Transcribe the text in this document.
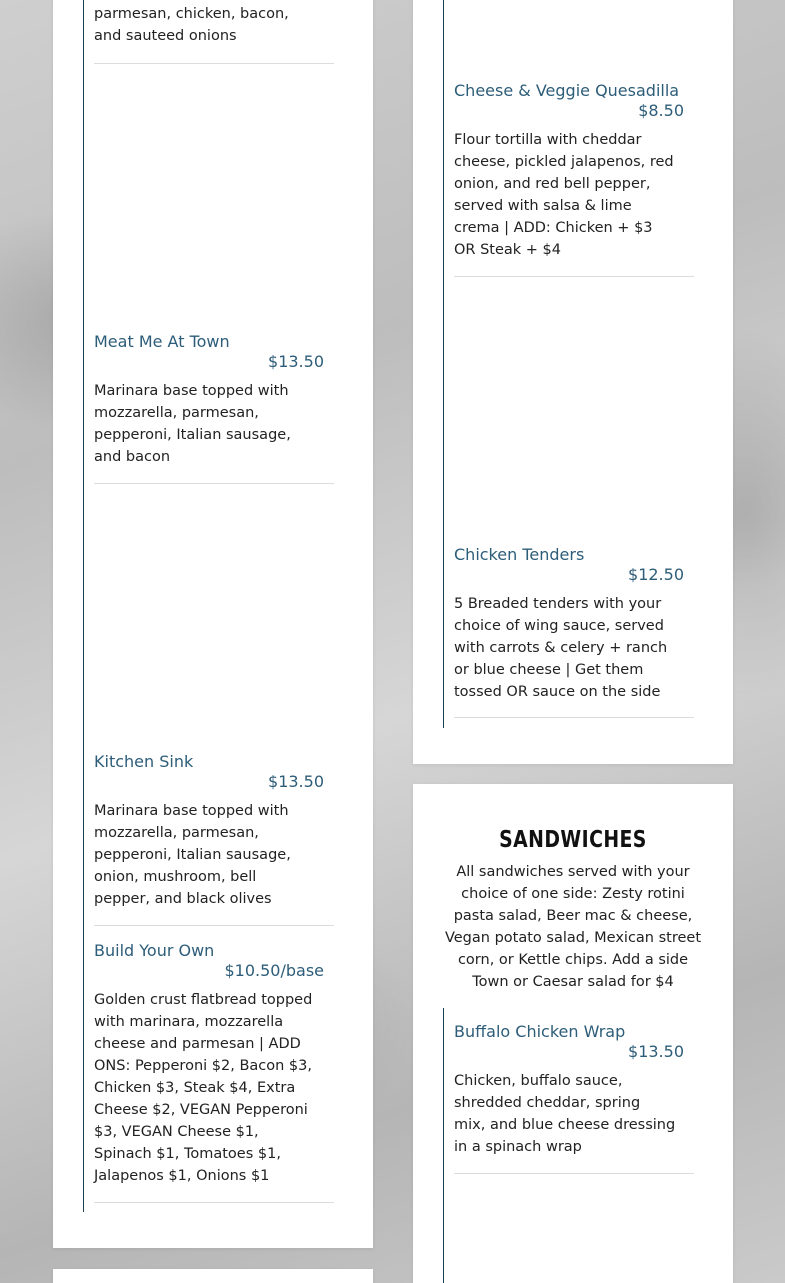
parmesan, chicken, bacon, and sauteed onions
Meat Me At Town
$13.50
Marinara base topped with mozzarella, parmesan, pepperoni, Italian sausage, and bacon
Kitchen Sink
$13.50
Marinara base topped with mozzarella, parmesan, pepperoni, Italian sausage, onion, mushroom, bell pepper, and black olives
Build Your Own
$10.50/base
Golden crust flatbread topped with marinara, mozzarella cheese and parmesan | ADD ONS: Pepperoni $2, Bacon $3, Chicken $3, Steak $4, Extra Cheese $2, VEGAN Pepperoni $3, VEGAN Cheese $1, Spinach $1, Tomatoes $1, Jalapenos $1, Onions $1
Cheese & Veggie Quesadilla
$8.50
Flour tortilla with cheddar cheese, pickled jalapenos, red onion, and red bell pepper, served with salsa & lime crema | ADD: Chicken + $3 OR Steak + $4
Chicken Tenders
$12.50
5 Breaded tenders with your choice of wing sauce, served with carrots & celery + ranch or blue cheese | Get them tossed OR sauce on the side
SANDWICHES
All sandwiches served with your choice of one side: Zesty rotini pasta salad, Beer mac & cheese, Vegan potato salad, Mexican street corn, or Kettle chips. Add a side Town or Caesar salad for $4
Buffalo Chicken Wrap
$13.50
Chicken, buffalo sauce, shredded cheddar, spring mix, and blue cheese dressing in a spinach wrap
